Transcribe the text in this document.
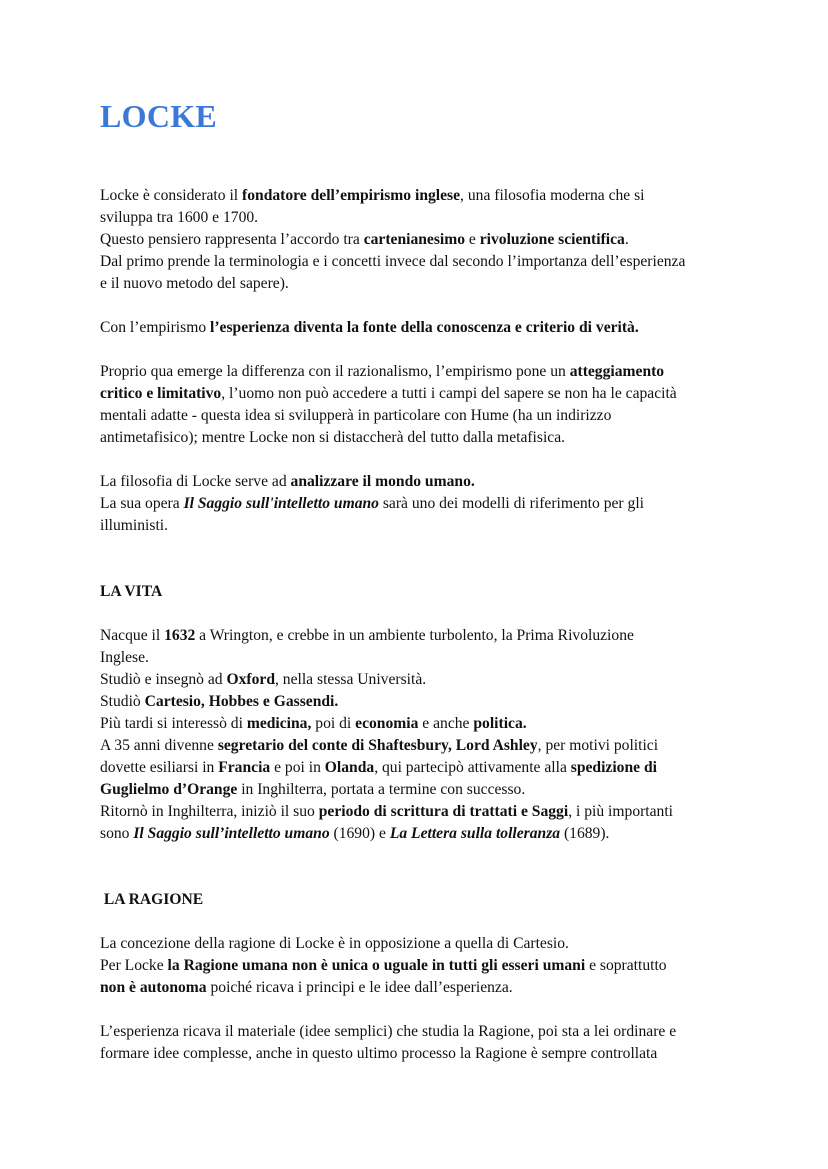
LOCKE
Locke è considerato il fondatore dell’empirismo inglese, una filosofia moderna che si
sviluppa tra 1600 e 1700.
Questo pensiero rappresenta l’accordo tra cartenianesimo e rivoluzione scientifica.
Dal primo prende la terminologia e i concetti invece dal secondo l’importanza dell’esperienza
e il nuovo metodo del sapere).
Con l’empirismo l’esperienza diventa la fonte della conoscenza e criterio di verità.
Proprio qua emerge la differenza con il razionalismo, l’empirismo pone un atteggiamento
critico e limitativo, l’uomo non può accedere a tutti i campi del sapere se non ha le capacità
mentali adatte - questa idea si svilupperà in particolare con Hume (ha un indirizzo
antimetafisico); mentre Locke non si distaccherà del tutto dalla metafisica.
La filosofia di Locke serve ad analizzare il mondo umano.
La sua opera Il Saggio sull'intelletto umano sarà uno dei modelli di riferimento per gli
illuministi.
LA VITA
Nacque il 1632 a Wrington, e crebbe in un ambiente turbolento, la Prima Rivoluzione
Inglese.
Studiò e insegnò ad Oxford, nella stessa Università.
Studiò Cartesio, Hobbes e Gassendi.
Più tardi si interessò di medicina, poi di economia e anche politica.
A 35 anni divenne segretario del conte di Shaftesbury, Lord Ashley, per motivi politici
dovette esiliarsi in Francia e poi in Olanda, qui partecipò attivamente alla spedizione di
Guglielmo d’Orange in Inghilterra, portata a termine con successo.
Ritornò in Inghilterra, iniziò il suo periodo di scrittura di trattati e Saggi, i più importanti
sono Il Saggio sull’intelletto umano (1690) e La Lettera sulla tolleranza (1689).
LA RAGIONE
La concezione della ragione di Locke è in opposizione a quella di Cartesio.
Per Locke la Ragione umana non è unica o uguale in tutti gli esseri umani e soprattutto
non è autonoma poiché ricava i principi e le idee dall’esperienza.
L’esperienza ricava il materiale (idee semplici) che studia la Ragione, poi sta a lei ordinare e
formare idee complesse, anche in questo ultimo processo la Ragione è sempre controllata
